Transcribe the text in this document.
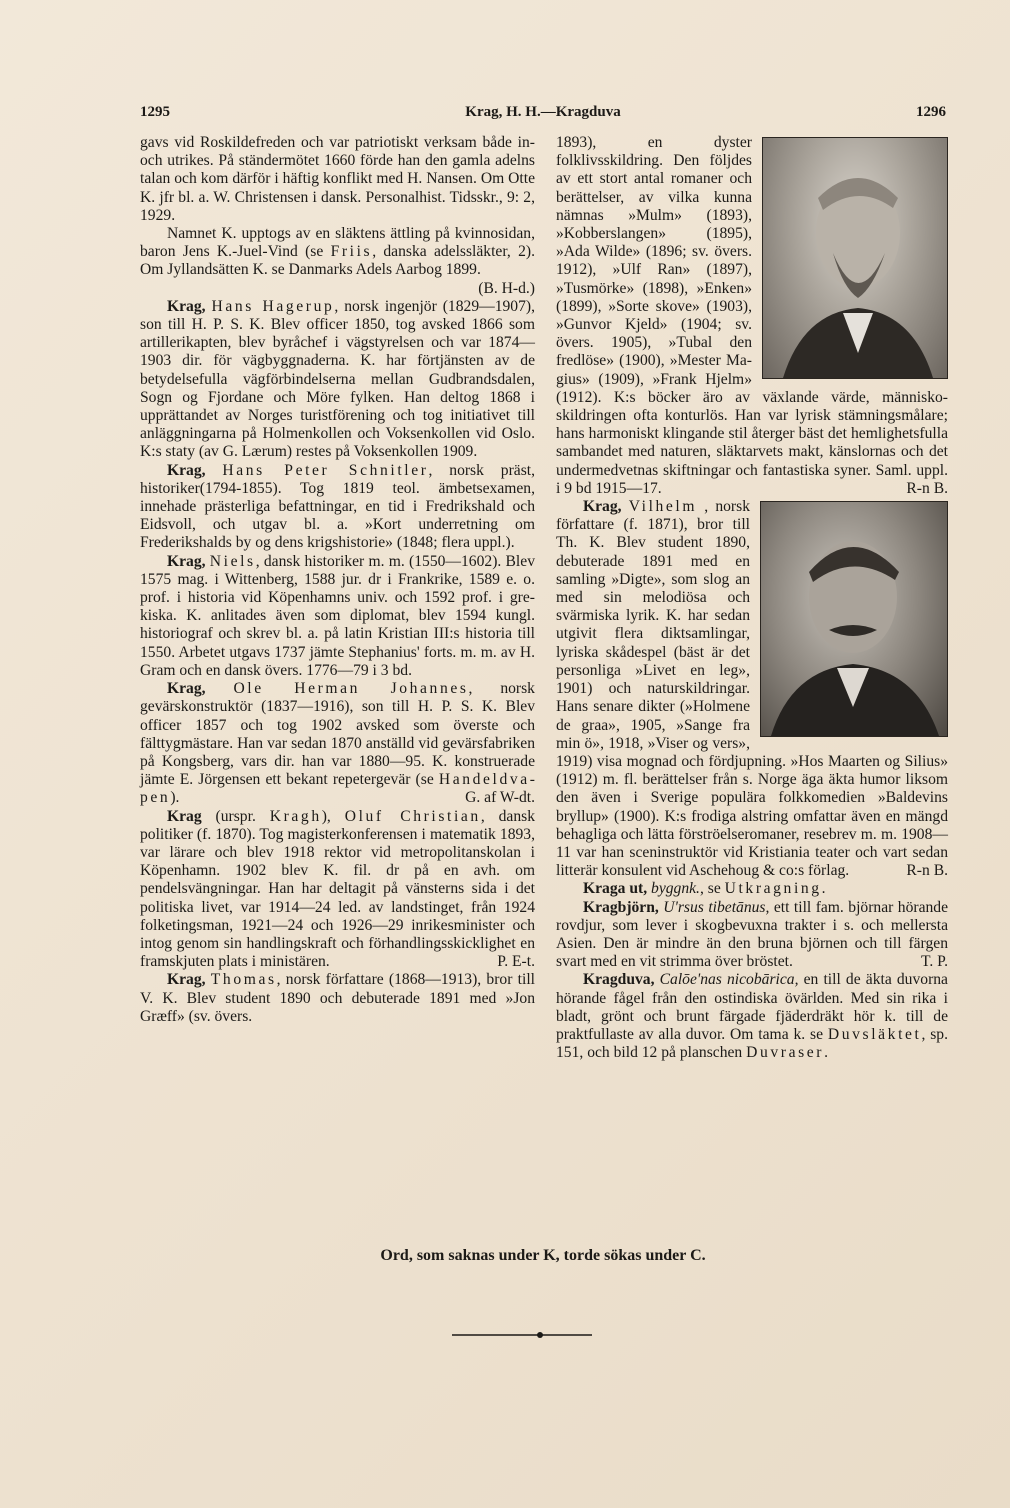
1295	Krag, H. H.—Kragduva	1296

gavs vid Roskildefreden och var patriotiskt verksam både in- och utrikes. På ständermötet 1660 förde han den gamla adelns talan och kom därför i häftig konflikt med H. Nansen. Om Otte K. jfr bl. a. W. Christensen i dansk. Personalhist. Tidsskr., 9: 2, 1929.

Namnet K. upptogs av en släktens ättling på kvinnosidan, baron Jens K.-Juel-Vind (se Friis, danska adelssläkter, 2). Om Jyllandsätten K. se Danmarks Adels Aarbog 1899.
(B. H-d.)

Krag, Hans Hagerup, norsk ingenjör (1829—1907), son till H. P. S. K. Blev officer 1850, tog avsked 1866 som artillerikapten, blev byråchef i vägstyrelsen och var 1874—1903 dir. för vägbyggnaderna. K. har förtjänsten av de betydelsefulla vägförbindelserna mellan Gudbrandsdalen, Sogn og Fjordane och Möre fylken. Han deltog 1868 i upprättandet av Norges turistförening och tog initiativet till anläggningarna på Holmenkollen och Voksenkollen vid Oslo. K:s staty (av G. Lærum) restes på Voksenkollen 1909.

Krag, Hans Peter Schnitler, norsk präst, historiker(1794-1855). Tog 1819 teol. ämbetsexamen, innehade prästerliga befattningar, en tid i Fredrikshald och Eidsvoll, och utgav bl. a. »Kort underretning om Frederikshalds by og dens krigshistorie» (1848; flera uppl.).

Krag, Niels, dansk historiker m. m. (1550—1602). Blev 1575 mag. i Wittenberg, 1588 jur. dr i Frankrike, 1589 e. o. prof. i historia vid Köpenhamns univ. och 1592 prof. i grekiska. K. anlitades även som diplomat, blev 1594 kungl. historiograf och skrev bl. a. på latin Kristian III:s historia till 1550. Arbetet utgavs 1737 jämte Stephanius' forts. m. m. av H. Gram och en dansk övers. 1776—79 i 3 bd.

Krag, Ole Herman Johannes, norsk gevärskonstruktör (1837—1916), son till H. P. S. K. Blev officer 1857 och tog 1902 avsked som överste och fälttygmästare. Han var sedan 1870 anställd vid gevärsfabriken på Kongsberg, vars dir. han var 1880—95. K. konstruerade jämte E. Jörgensen ett bekant repetergevär (se Handeldvapen).	G. af W-dt.

Krag (urspr. Kragh), Oluf Christian, dansk politiker (f. 1870). Tog magisterkonferensen i matematik 1893, var lärare och blev 1918 rektor vid metropolitanskolan i Köpenhamn. 1902 blev K. fil. dr på en avh. om pendelsvängningar. Han har deltagit på vänsterns sida i det politiska livet, var 1914—24 led. av landstinget, från 1924 folketingsman, 1921—24 och 1926—29 inrikesminister och intog genom sin handlingskraft och förhandlingsskicklighet en framskjuten plats i ministären.	P. E-t.

Krag, Thomas, norsk författare (1868—1913), bror till V. K. Blev student 1890 och debuterade 1891 med »Jon Græff» (sv. övers.

1893), en dyster folklivsskildring. Den följdes av ett stort antal romaner och berättelser, av vilka kunna nämnas »Mulm» (1893), »Kobberslangen» (1895), »Ada Wilde» (1896; sv. övers. 1912), »Ulf Ran» (1897), »Tusmörke» (1898), »Enken» (1899), »Sorte skove» (1903), »Gunvor Kjeld» (1904; sv. övers. 1905), »Tubal den fredlöse» (1900), »Mester Magius» (1909), »Frank Hjelm» (1912). K:s böcker äro av växlande värde, människoskildringen ofta konturlös. Han var lyrisk stämningsmålare; hans harmoniskt klingande stil återger bäst det hemlighetsfulla sambandet med naturen, släktarvets makt, känslornas och det undermedvetnas skiftningar och fantastiska syner. Saml. uppl. i 9 bd 1915—17.	R-n B.

Krag, Vilhelm , norsk författare (f. 1871), bror till Th. K. Blev student 1890, debuterade 1891 med en samling »Digte», som slog an med sin melodiösa och svärmiska lyrik. K. har sedan utgivit flera diktsamlingar, lyriska skådespel (bäst är det personliga »Livet en leg», 1901) och naturskildringar. Hans senare dikter (»Holmene de graa», 1905, »Sange fra min ö», 1918, »Viser og vers», 1919) visa mognad och fördjupning. »Hos Maarten og Silius» (1912) m. fl. berättelser från s. Norge äga äkta humor liksom den även i Sverige populära folkkomedien »Baldevins bryllup» (1900). K:s frodiga alstring omfattar även en mängd behagliga och lätta förströelseromaner, resebrev m. m. 1908—11 var han sceninstruktör vid Kristiania teater och vart sedan litterär konsulent vid Aschehoug & co:s förlag.	R-n B.

Kraga ut, byggnk., se Utkragning.

Kragbjörn, U'rsus tibetānus, ett till fam. björnar hörande rovdjur, som lever i skogbevuxna trakter i s. och mellersta Asien. Den är mindre än den bruna björnen och till färgen svart med en vit strimma över bröstet.	T. P.

Kragduva, Calōe'nas nicobārica, en till de äkta duvorna hörande fågel från den ostindiska övärlden. Med sin rika i bladt, grönt och brunt färgade fjäderdräkt hör k. till de praktfullaste av alla duvor. Om tama k. se Duvsläktet, sp. 151, och bild 12 på planschen Duvraser.

Ord, som saknas under K, torde sökas under C.
